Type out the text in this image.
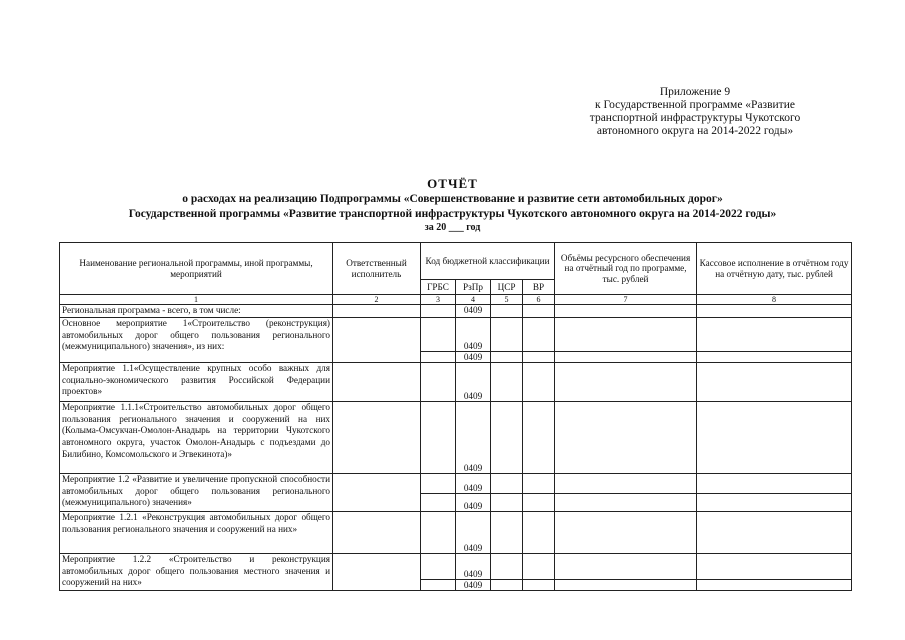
Приложение 9
к Государственной программе «Развитие
транспортной инфраструктуры Чукотского
автономного округа на 2014-2022 годы»
ОТЧЁТ
о расходах на реализацию Подпрограммы «Совершенствование и развитие сети автомобильных дорог»
Государственной программы «Развитие транспортной инфраструктуры Чукотского автономного округа на 2014-2022 годы»
за 20 ___ год
Наименование региональной программы, иной программы, мероприятий	Ответственный исполнитель	Код бюджетной классификации				Объёмы ресурсного обеспечения на отчётный год по программе, тыс. рублей	Кассовое исполнение в отчётном году на отчётную дату, тыс. рублей
		ГРБС	РзПр	ЦСР	ВР		
1	2	3	4	5	6	7	8
Региональная программа - всего, в том числе:			0409				
Основное мероприятие 1«Строительство (реконструкция) автомобильных дорог общего пользования регионального (межмуниципального) значения», из них:			0409				
			0409				
Мероприятие 1.1«Осуществление крупных особо важных для социально-экономического развития Российской Федерации проектов»			0409				
Мероприятие 1.1.1«Строительство автомобильных дорог общего пользования регионального значения и сооружений на них (Колыма-Омсукчан-Омолон-Анадырь на территории Чукотского автономного округа, участок Омолон-Анадырь с подъездами до Билибино, Комсомольского и Эгвекинота)»			0409				
Мероприятие 1.2 «Развитие и увеличение пропускной способности автомобильных дорог общего пользования регионального (межмуниципального) значения»			0409				
			0409				
Мероприятие 1.2.1 «Реконструкция автомобильных дорог общего пользования регионального значения и сооружений на них»			0409				
Мероприятие 1.2.2 «Строительство и реконструкция автомобильных дорог общего пользования местного значения и сооружений на них»			0409				
			0409				
